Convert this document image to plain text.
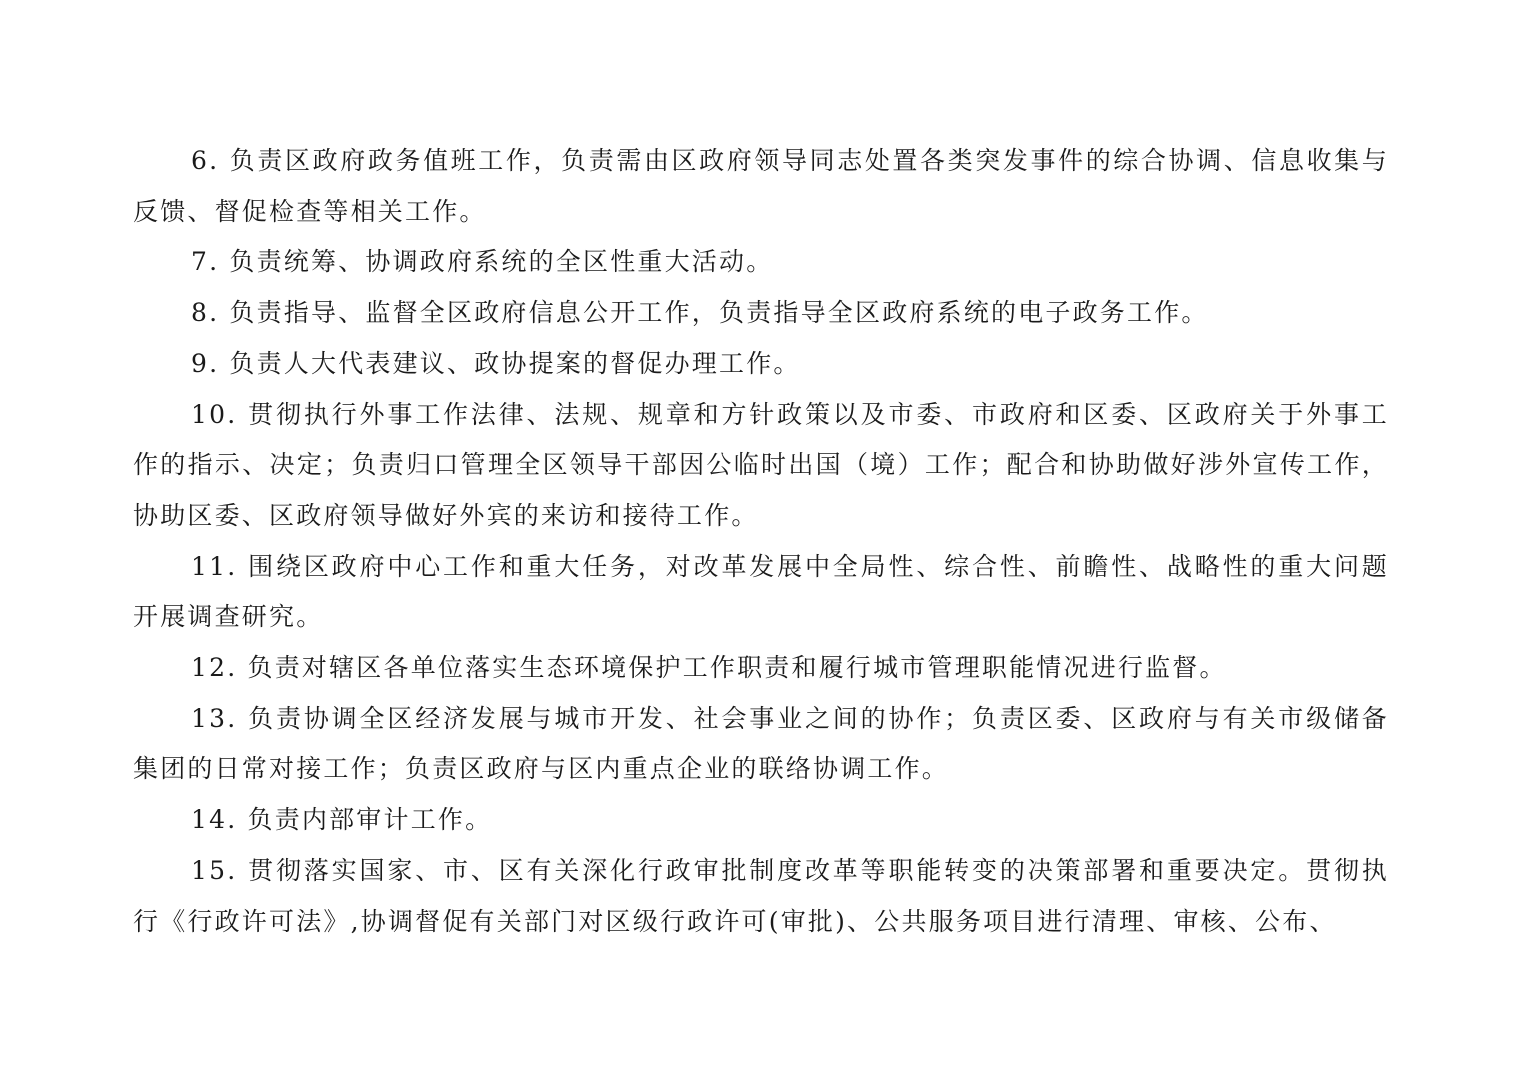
6. 负责区政府政务值班工作，负责需由区政府领导同志处置各类突发事件的综合协调、信息收集与反馈、督促检查等相关工作。

7. 负责统筹、协调政府系统的全区性重大活动。

8. 负责指导、监督全区政府信息公开工作，负责指导全区政府系统的电子政务工作。

9. 负责人大代表建议、政协提案的督促办理工作。

10. 贯彻执行外事工作法律、法规、规章和方针政策以及市委、市政府和区委、区政府关于外事工作的指示、决定；负责归口管理全区领导干部因公临时出国（境）工作；配合和协助做好涉外宣传工作，协助区委、区政府领导做好外宾的来访和接待工作。

11. 围绕区政府中心工作和重大任务，对改革发展中全局性、综合性、前瞻性、战略性的重大问题开展调查研究。

12. 负责对辖区各单位落实生态环境保护工作职责和履行城市管理职能情况进行监督。

13. 负责协调全区经济发展与城市开发、社会事业之间的协作；负责区委、区政府与有关市级储备集团的日常对接工作；负责区政府与区内重点企业的联络协调工作。

14. 负责内部审计工作。

15. 贯彻落实国家、市、区有关深化行政审批制度改革等职能转变的决策部署和重要决定。贯彻执行《行政许可法》,协调督促有关部门对区级行政许可(审批)、公共服务项目进行清理、审核、公布、
